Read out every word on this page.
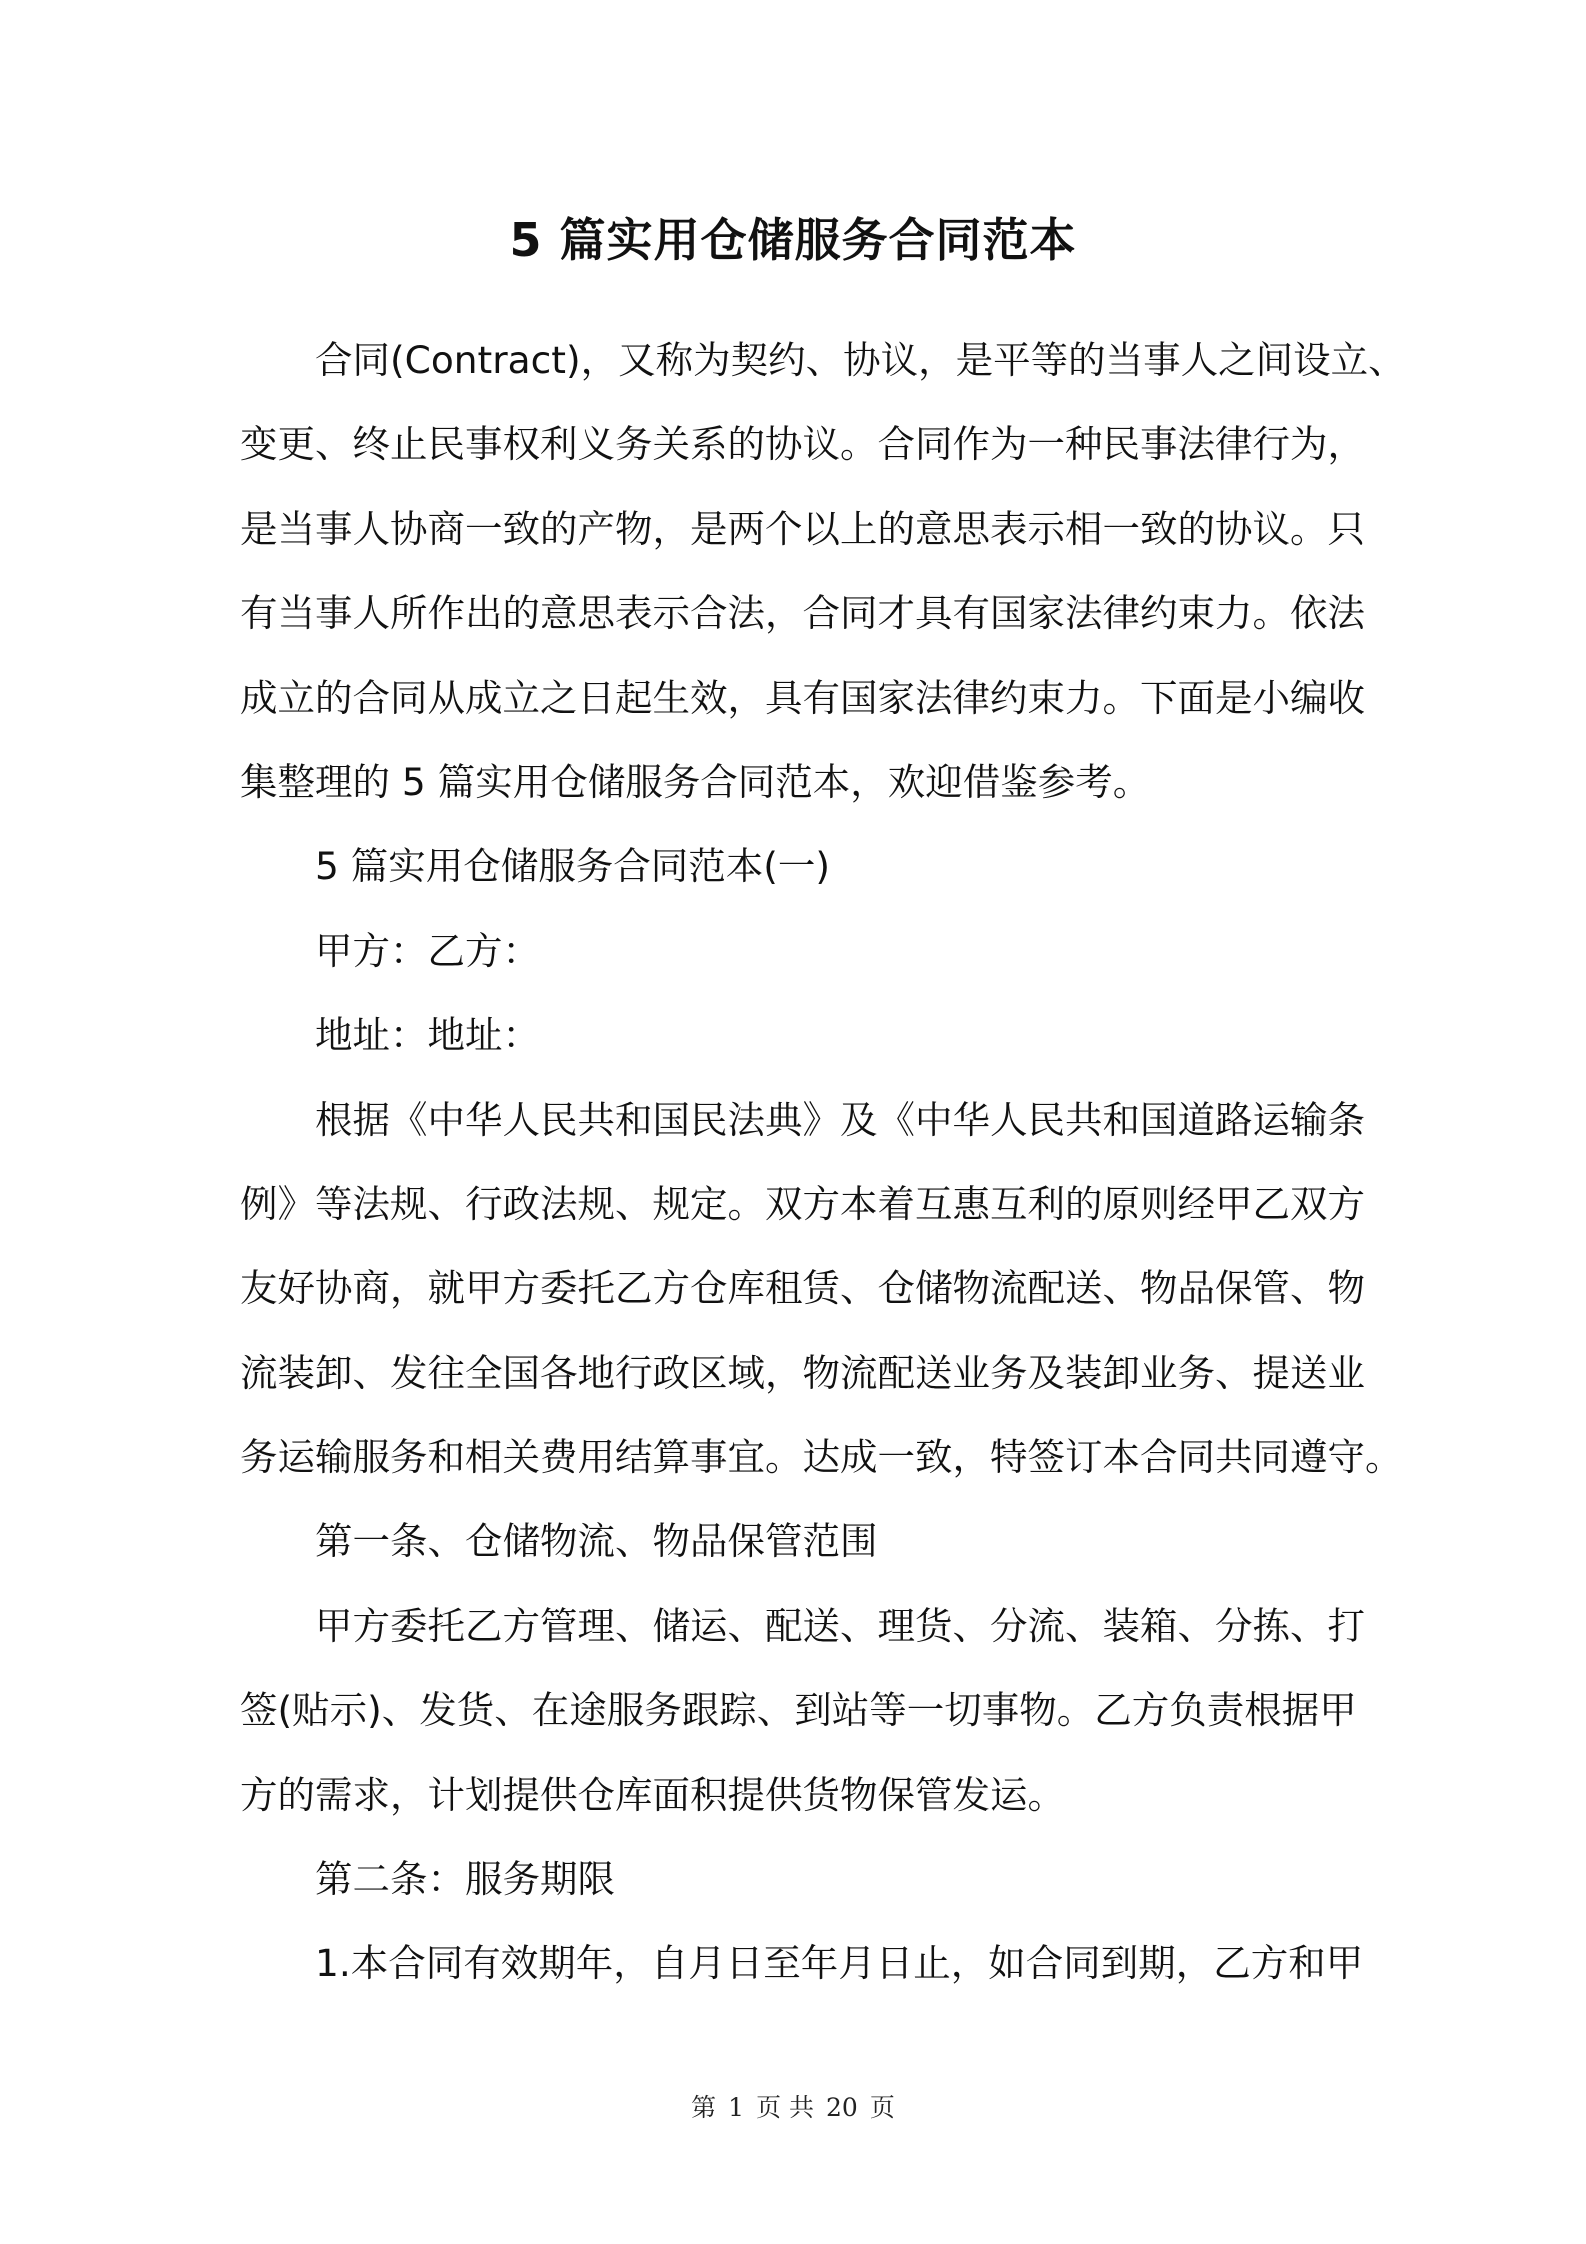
5 篇实用仓储服务合同范本
合同(Contract)，又称为契约、协议，是平等的当事人之间设立、
变更、终止民事权利义务关系的协议。合同作为一种民事法律行为，
是当事人协商一致的产物，是两个以上的意思表示相一致的协议。只
有当事人所作出的意思表示合法，合同才具有国家法律约束力。依法
成立的合同从成立之日起生效，具有国家法律约束力。下面是小编收
集整理的 5 篇实用仓储服务合同范本，欢迎借鉴参考。
5 篇实用仓储服务合同范本(一)
甲方：乙方：
地址：地址：
根据《中华人民共和国民法典》及《中华人民共和国道路运输条
例》等法规、行政法规、规定。双方本着互惠互利的原则经甲乙双方
友好协商，就甲方委托乙方仓库租赁、仓储物流配送、物品保管、物
流装卸、发往全国各地行政区域，物流配送业务及装卸业务、提送业
务运输服务和相关费用结算事宜。达成一致，特签订本合同共同遵守。
第一条、仓储物流、物品保管范围
甲方委托乙方管理、储运、配送、理货、分流、装箱、分拣、打
签(贴示)、发货、在途服务跟踪、到站等一切事物。乙方负责根据甲
方的需求，计划提供仓库面积提供货物保管发运。
第二条：服务期限
1.本合同有效期年，自月日至年月日止，如合同到期，乙方和甲
第 1 页 共 20 页
